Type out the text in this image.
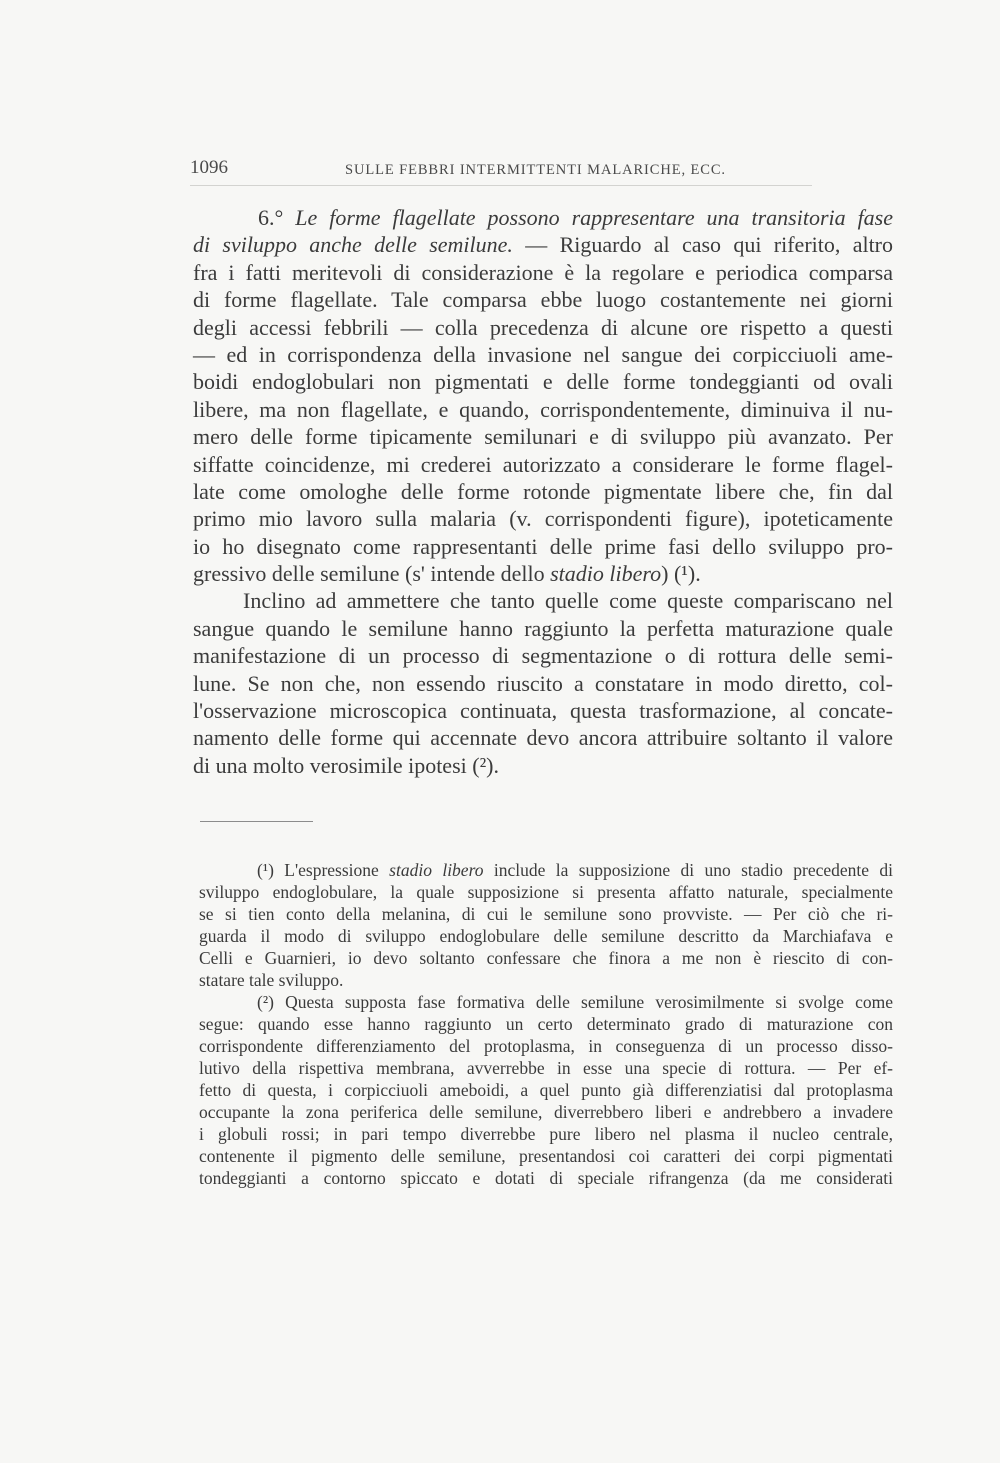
1096	SULLE FEBBRI INTERMITTENTI MALARICHE, ECC.
6.° Le forme flagellate possono rappresentare una transitoria fase
di sviluppo anche delle semilune. — Riguardo al caso qui riferito, altro
fra i fatti meritevoli di considerazione è la regolare e periodica comparsa
di forme flagellate. Tale comparsa ebbe luogo costantemente nei giorni
degli accessi febbrili — colla precedenza di alcune ore rispetto a questi
— ed in corrispondenza della invasione nel sangue dei corpicciuoli ame-
boidi endoglobulari non pigmentati e delle forme tondeggianti od ovali
libere, ma non flagellate, e quando, corrispondentemente, diminuiva il nu-
mero delle forme tipicamente semilunari e di sviluppo più avanzato. Per
siffatte coincidenze, mi crederei autorizzato a considerare le forme flagel-
late come omologhe delle forme rotonde pigmentate libere che, fin dal
primo mio lavoro sulla malaria (v. corrispondenti figure), ipoteticamente
io ho disegnato come rappresentanti delle prime fasi dello sviluppo pro-
gressivo delle semilune (s' intende dello stadio libero) (¹).
Inclino ad ammettere che tanto quelle come queste compariscano nel
sangue quando le semilune hanno raggiunto la perfetta maturazione quale
manifestazione di un processo di segmentazione o di rottura delle semi-
lune. Se non che, non essendo riuscito a constatare in modo diretto, col-
l'osservazione microscopica continuata, questa trasformazione, al concate-
namento delle forme qui accennate devo ancora attribuire soltanto il valore
di una molto verosimile ipotesi (²).
(¹) L'espressione stadio libero include la supposizione di uno stadio precedente di
sviluppo endoglobulare, la quale supposizione si presenta affatto naturale, specialmente
se si tien conto della melanina, di cui le semilune sono provviste. — Per ciò che ri-
guarda il modo di sviluppo endoglobulare delle semilune descritto da Marchiafava e
Celli e Guarnieri, io devo soltanto confessare che finora a me non è riescito di con-
statare tale sviluppo.
(²) Questa supposta fase formativa delle semilune verosimilmente si svolge come
segue: quando esse hanno raggiunto un certo determinato grado di maturazione con
corrispondente differenziamento del protoplasma, in conseguenza di un processo disso-
lutivo della rispettiva membrana, avverrebbe in esse una specie di rottura. — Per ef-
fetto di questa, i corpicciuoli ameboidi, a quel punto già differenziatisi dal protoplasma
occupante la zona periferica delle semilune, diverrebbero liberi e andrebbero a invadere
i globuli rossi; in pari tempo diverrebbe pure libero nel plasma il nucleo centrale,
contenente il pigmento delle semilune, presentandosi coi caratteri dei corpi pigmentati
tondeggianti a contorno spiccato e dotati di speciale rifrangenza (da me considerati
